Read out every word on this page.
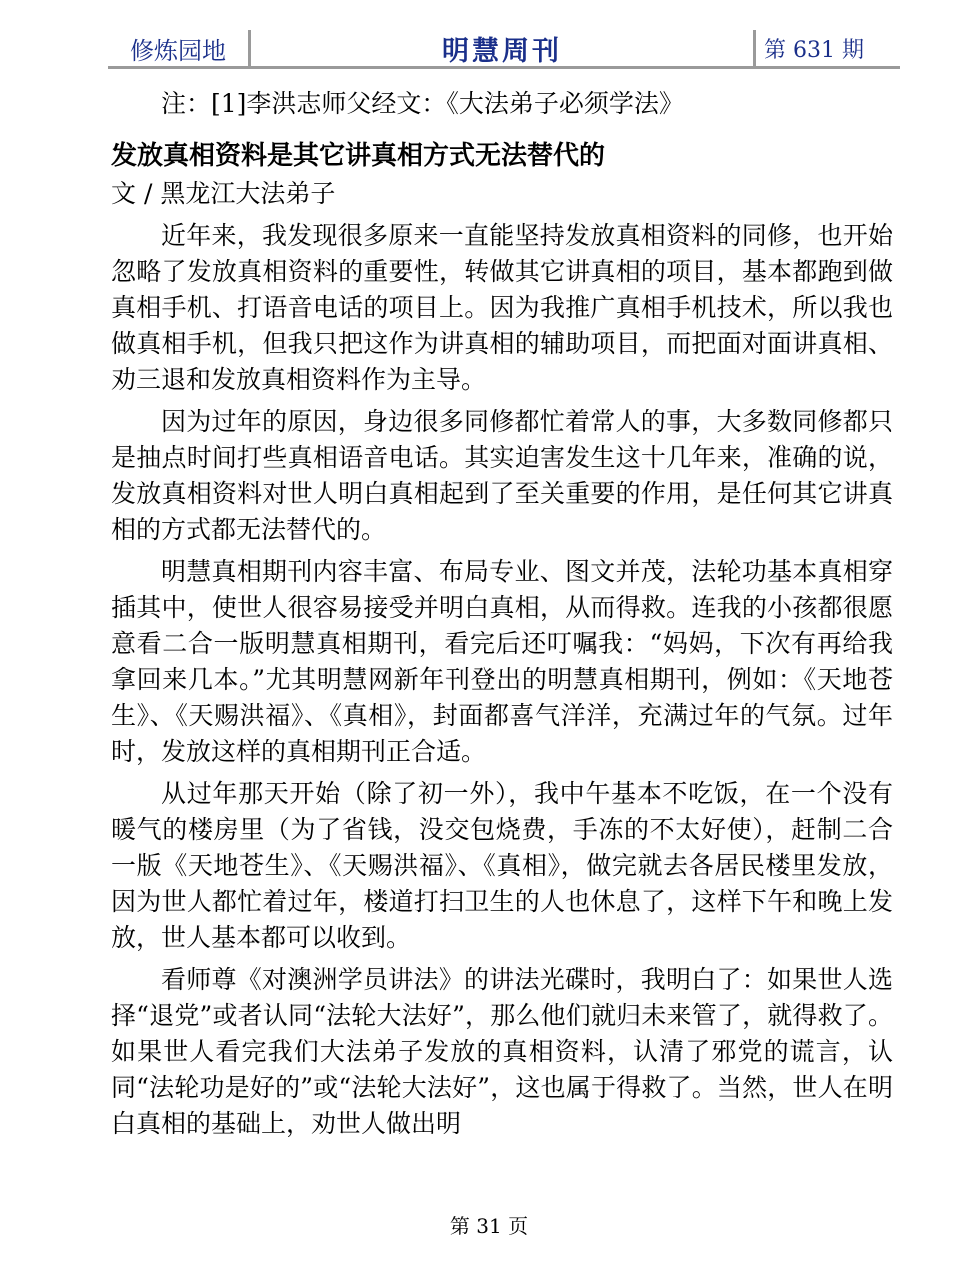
修炼园地	明慧周刊	第 631 期

注：[1]李洪志师父经文：《大法弟子必须学法》

发放真相资料是其它讲真相方式无法替代的

文 / 黑龙江大法弟子

近年来，我发现很多原来一直能坚持发放真相资料的同修，也开始忽略了发放真相资料的重要性，转做其它讲真相的项目，基本都跑到做真相手机、打语音电话的项目上。因为我推广真相手机技术，所以我也做真相手机，但我只把这作为讲真相的辅助项目，而把面对面讲真相、劝三退和发放真相资料作为主导。

因为过年的原因，身边很多同修都忙着常人的事，大多数同修都只是抽点时间打些真相语音电话。其实迫害发生这十几年来，准确的说，发放真相资料对世人明白真相起到了至关重要的作用，是任何其它讲真相的方式都无法替代的。

明慧真相期刊内容丰富、布局专业、图文并茂，法轮功基本真相穿插其中，使世人很容易接受并明白真相，从而得救。连我的小孩都很愿意看二合一版明慧真相期刊，看完后还叮嘱我：“妈妈，下次有再给我拿回来几本。”尤其明慧网新年刊登出的明慧真相期刊，例如：《天地苍生》、《天赐洪福》、《真相》，封面都喜气洋洋，充满过年的气氛。过年时，发放这样的真相期刊正合适。

从过年那天开始（除了初一外），我中午基本不吃饭，在一个没有暖气的楼房里（为了省钱，没交包烧费，手冻的不太好使），赶制二合一版《天地苍生》、《天赐洪福》、《真相》，做完就去各居民楼里发放，因为世人都忙着过年，楼道打扫卫生的人也休息了，这样下午和晚上发放，世人基本都可以收到。

看师尊《对澳洲学员讲法》的讲法光碟时，我明白了：如果世人选择“退党”或者认同“法轮大法好”，那么他们就归未来管了，就得救了。如果世人看完我们大法弟子发放的真相资料，认清了邪党的谎言，认同“法轮功是好的”或“法轮大法好”，这也属于得救了。当然，世人在明白真相的基础上，劝世人做出明

第 31 页
